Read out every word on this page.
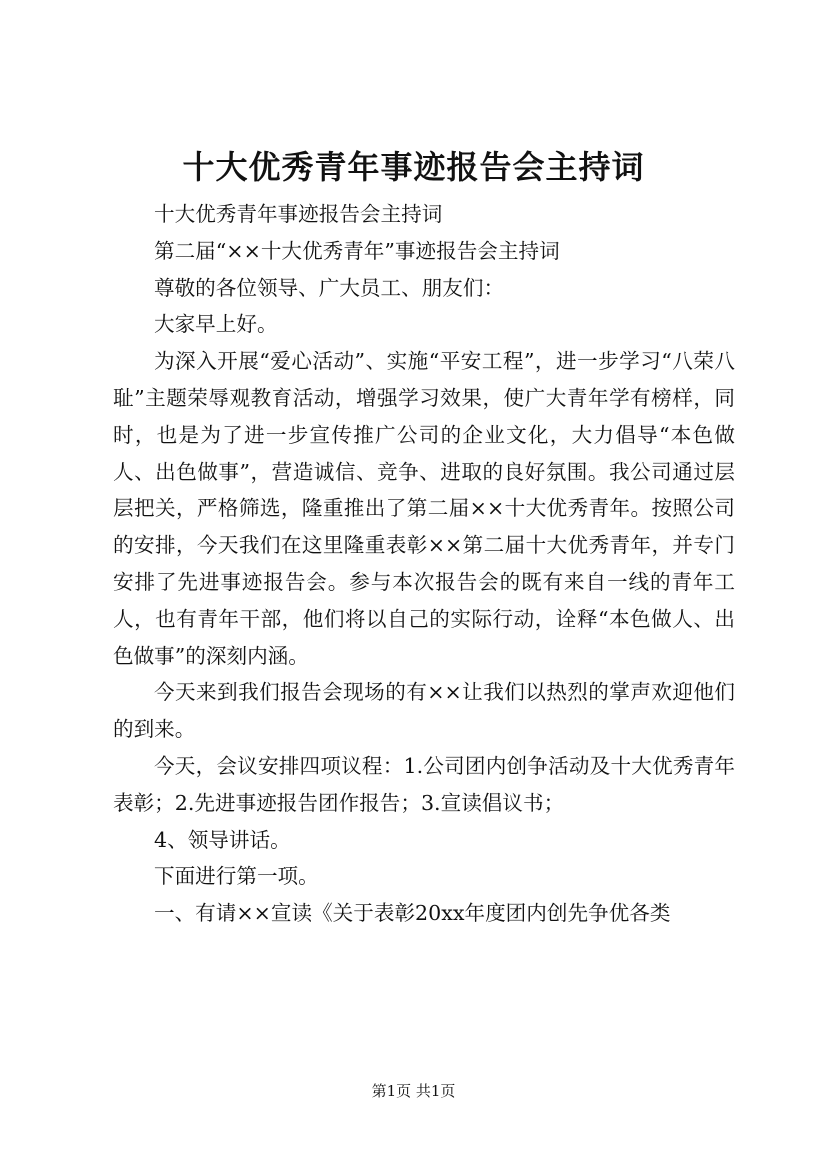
十大优秀青年事迹报告会主持词

十大优秀青年事迹报告会主持词

第二届“××十大优秀青年”事迹报告会主持词

尊敬的各位领导、广大员工、朋友们：

大家早上好。

为深入开展“爱心活动”、实施“平安工程”，进一步学习“八荣八耻”主题荣辱观教育活动，增强学习效果，使广大青年学有榜样，同时，也是为了进一步宣传推广公司的企业文化，大力倡导“本色做人、出色做事”，营造诚信、竞争、进取的良好氛围。我公司通过层层把关，严格筛选，隆重推出了第二届××十大优秀青年。按照公司的安排，今天我们在这里隆重表彰××第二届十大优秀青年，并专门安排了先进事迹报告会。参与本次报告会的既有来自一线的青年工人，也有青年干部，他们将以自己的实际行动，诠释“本色做人、出色做事”的深刻内涵。

今天来到我们报告会现场的有××让我们以热烈的掌声欢迎他们的到来。

今天，会议安排四项议程：1.公司团内创争活动及十大优秀青年表彰；2.先进事迹报告团作报告；3.宣读倡议书；

4、领导讲话。

下面进行第一项。

一、有请××宣读《关于表彰20xx年度团内创先争优各类

第1页 共1页
